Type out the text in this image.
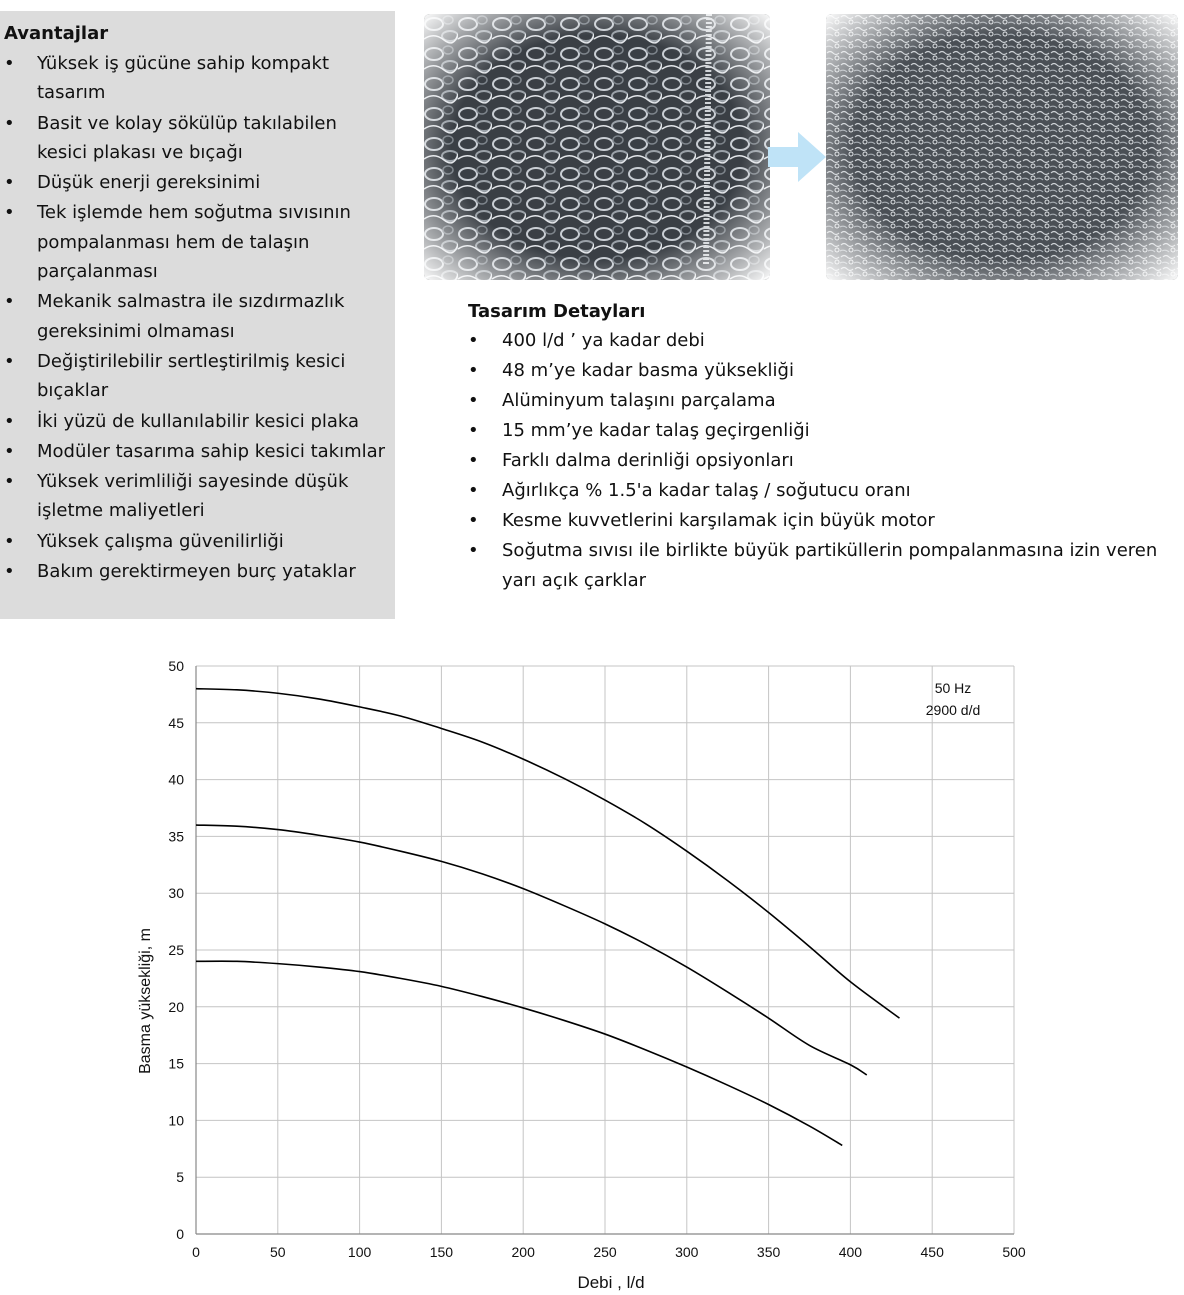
Avantajlar
• Yüksek iş gücüne sahip kompakt tasarım
• Basit ve kolay sökülüp takılabilen kesici plakası ve bıçağı
• Düşük enerji gereksinimi
• Tek işlemde hem soğutma sıvısının pompalanması hem de talaşın parçalanması
• Mekanik salmastra ile sızdırmazlık gereksinimi olmaması
• Değiştirilebilir sertleştirilmiş kesici bıçaklar
• İki yüzü de kullanılabilir kesici plaka
• Modüler tasarıma sahip kesici takımlar
• Yüksek verimliliği sayesinde düşük işletme maliyetleri
• Yüksek çalışma güvenilirliği
• Bakım gerektirmeyen burç yataklar
Tasarım Detayları
• 400 l/d ’ ya kadar debi
• 48 m’ye kadar basma yüksekliği
• Alüminyum talaşını parçalama
• 15 mm’ye kadar talaş geçirgenliği
• Farklı dalma derinliği opsiyonları
• Ağırlıkça % 1.5'a kadar talaş / soğutucu oranı
• Kesme kuvvetlerini karşılamak için büyük motor
• Soğutma sıvısı ile birlikte büyük partiküllerin pompalanmasına izin veren yarı açık çarklar
0	50	100	150	200	250	300	350	400	450	500
0
5
10
15
20
25
30
35
40
45
50
Debi , l/d
Basma yüksekliği, m
50 Hz
2900 d/d
